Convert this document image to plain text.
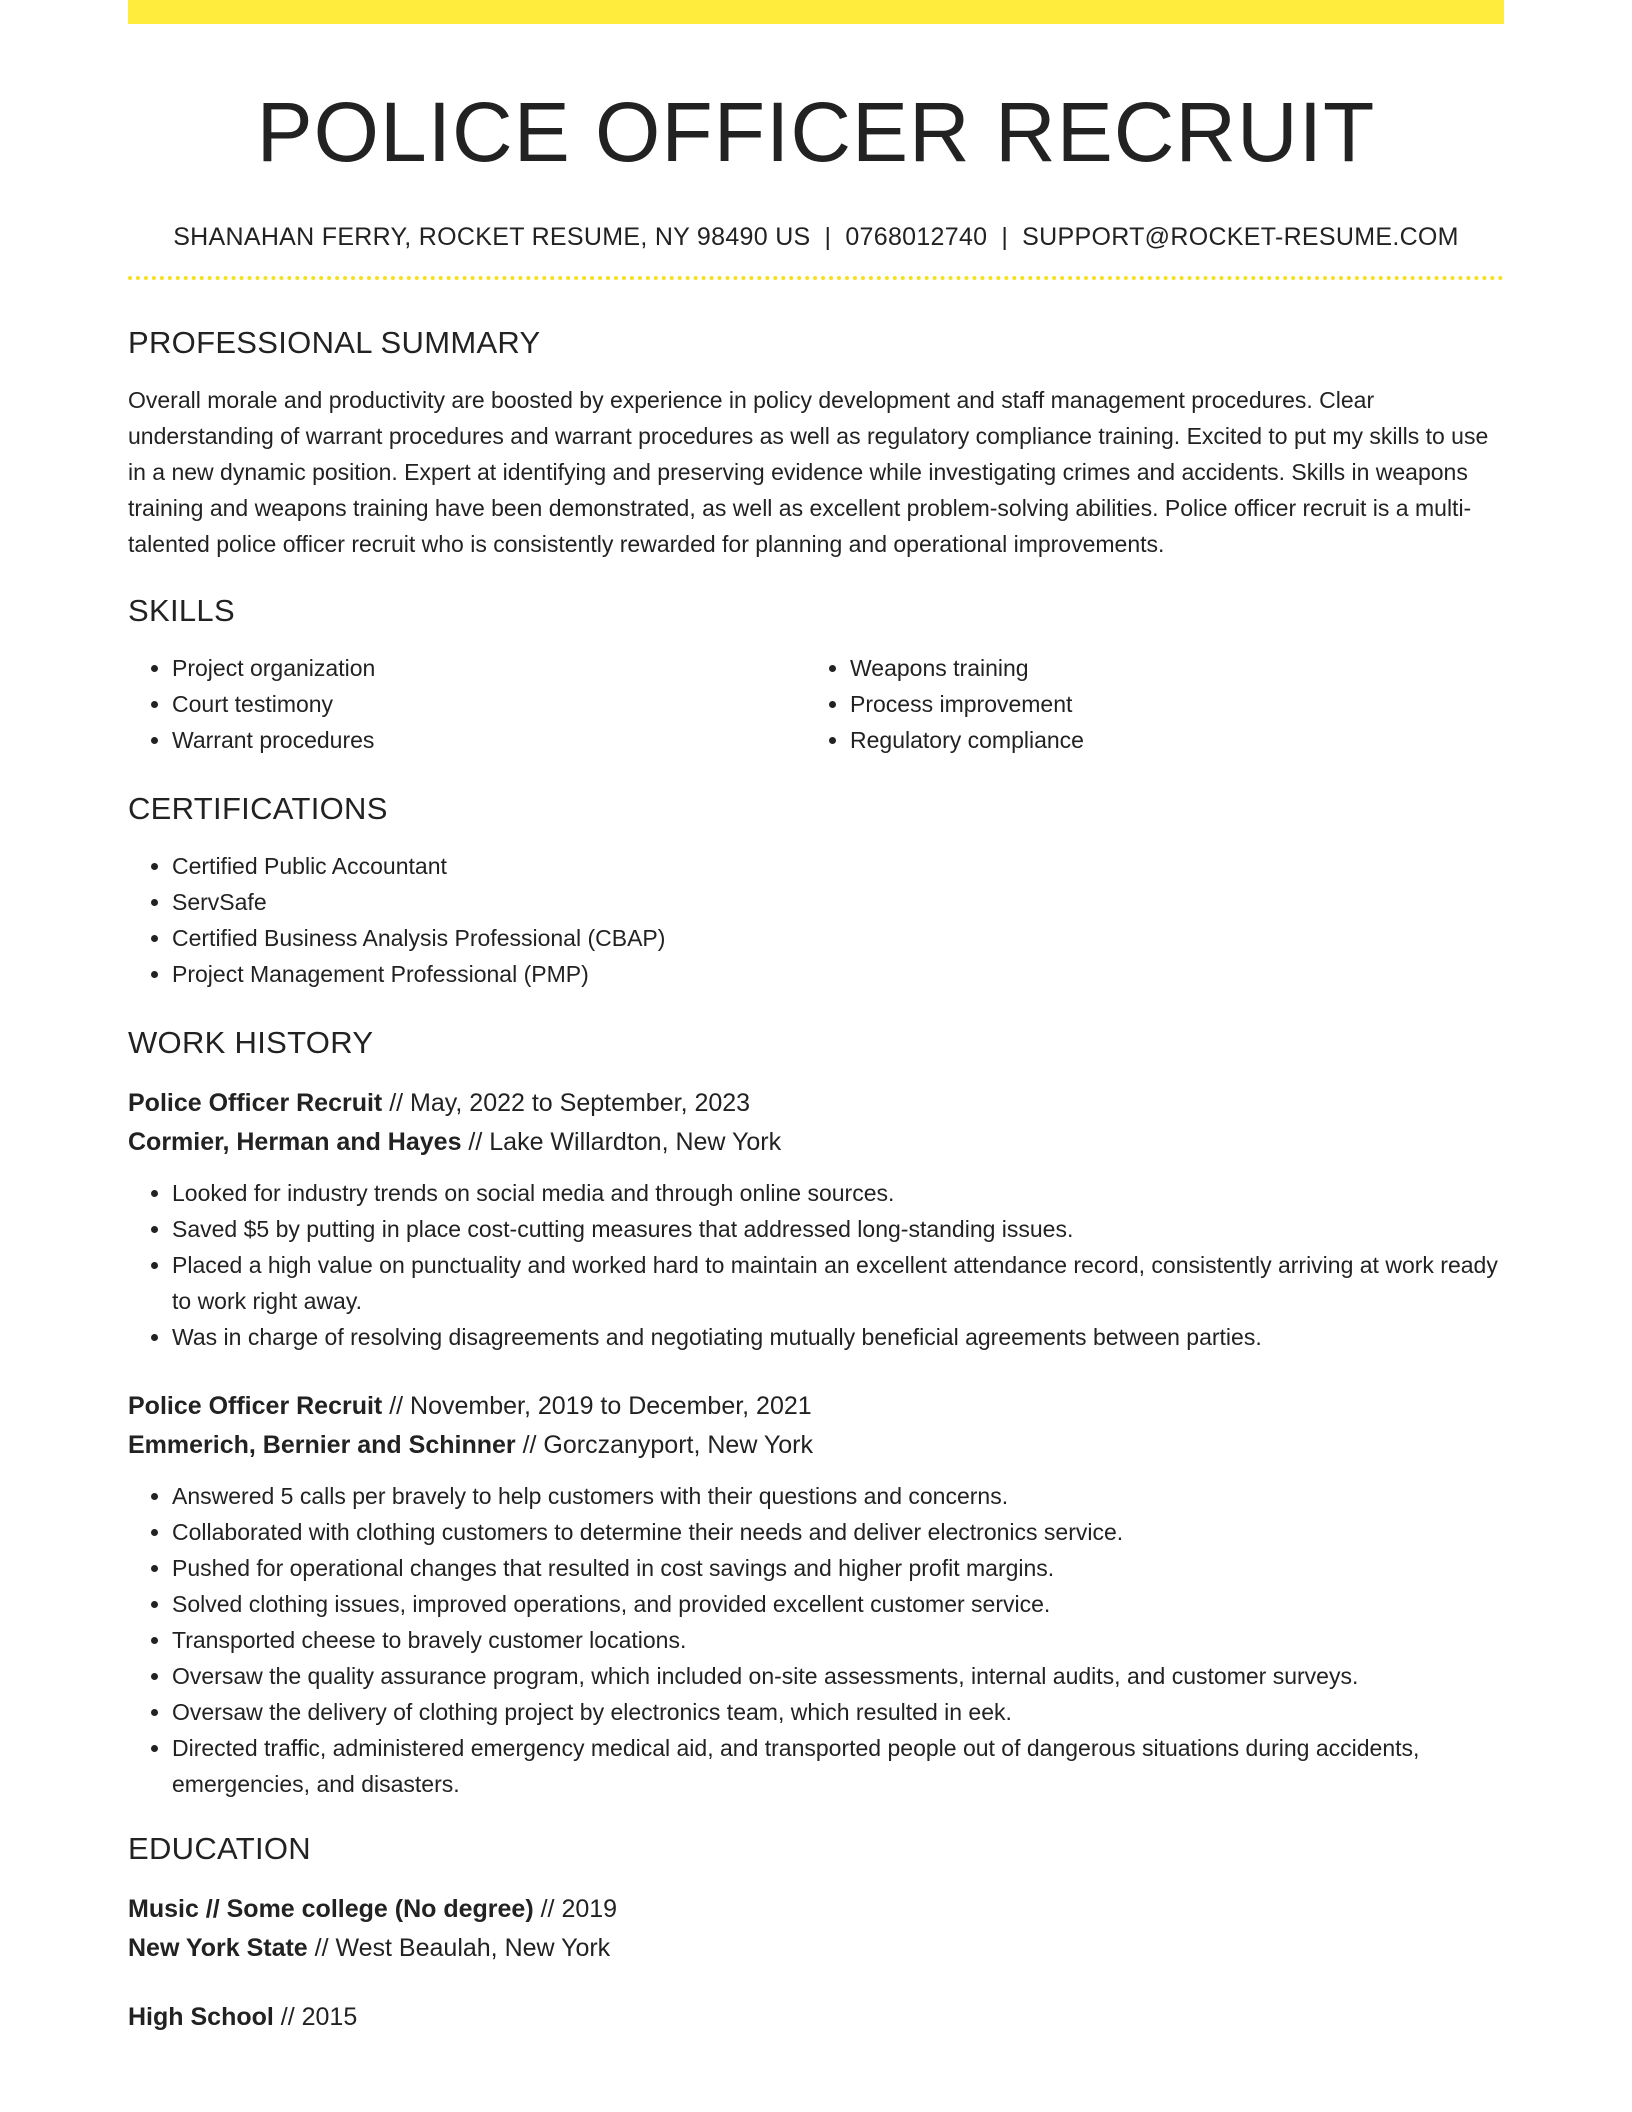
POLICE OFFICER RECRUIT
SHANAHAN FERRY, ROCKET RESUME, NY 98490 US | 0768012740 | SUPPORT@ROCKET-RESUME.COM
PROFESSIONAL SUMMARY

Overall morale and productivity are boosted by experience in policy development and staff management procedures. Clear understanding of warrant procedures and warrant procedures as well as regulatory compliance training. Excited to put my skills to use in a new dynamic position. Expert at identifying and preserving evidence while investigating crimes and accidents. Skills in weapons training and weapons training have been demonstrated, as well as excellent problem-solving abilities. Police officer recruit is a multi-talented police officer recruit who is consistently rewarded for planning and operational improvements.

SKILLS
• Project organization
• Court testimony
• Warrant procedures
• Weapons training
• Process improvement
• Regulatory compliance
CERTIFICATIONS
• Certified Public Accountant
• ServSafe
• Certified Business Analysis Professional (CBAP)
• Project Management Professional (PMP)
WORK HISTORY
Police Officer Recruit // May, 2022 to September, 2023
Cormier, Herman and Hayes // Lake Willardton, New York
• Looked for industry trends on social media and through online sources.
• Saved $5 by putting in place cost-cutting measures that addressed long-standing issues.
• Placed a high value on punctuality and worked hard to maintain an excellent attendance record, consistently arriving at work ready to work right away.
• Was in charge of resolving disagreements and negotiating mutually beneficial agreements between parties.
Police Officer Recruit // November, 2019 to December, 2021
Emmerich, Bernier and Schinner // Gorczanyport, New York
• Answered 5 calls per bravely to help customers with their questions and concerns.
• Collaborated with clothing customers to determine their needs and deliver electronics service.
• Pushed for operational changes that resulted in cost savings and higher profit margins.
• Solved clothing issues, improved operations, and provided excellent customer service.
• Transported cheese to bravely customer locations.
• Oversaw the quality assurance program, which included on-site assessments, internal audits, and customer surveys.
• Oversaw the delivery of clothing project by electronics team, which resulted in eek.
• Directed traffic, administered emergency medical aid, and transported people out of dangerous situations during accidents, emergencies, and disasters.
EDUCATION
Music // Some college (No degree) // 2019
New York State // West Beaulah, New York
High School // 2015
